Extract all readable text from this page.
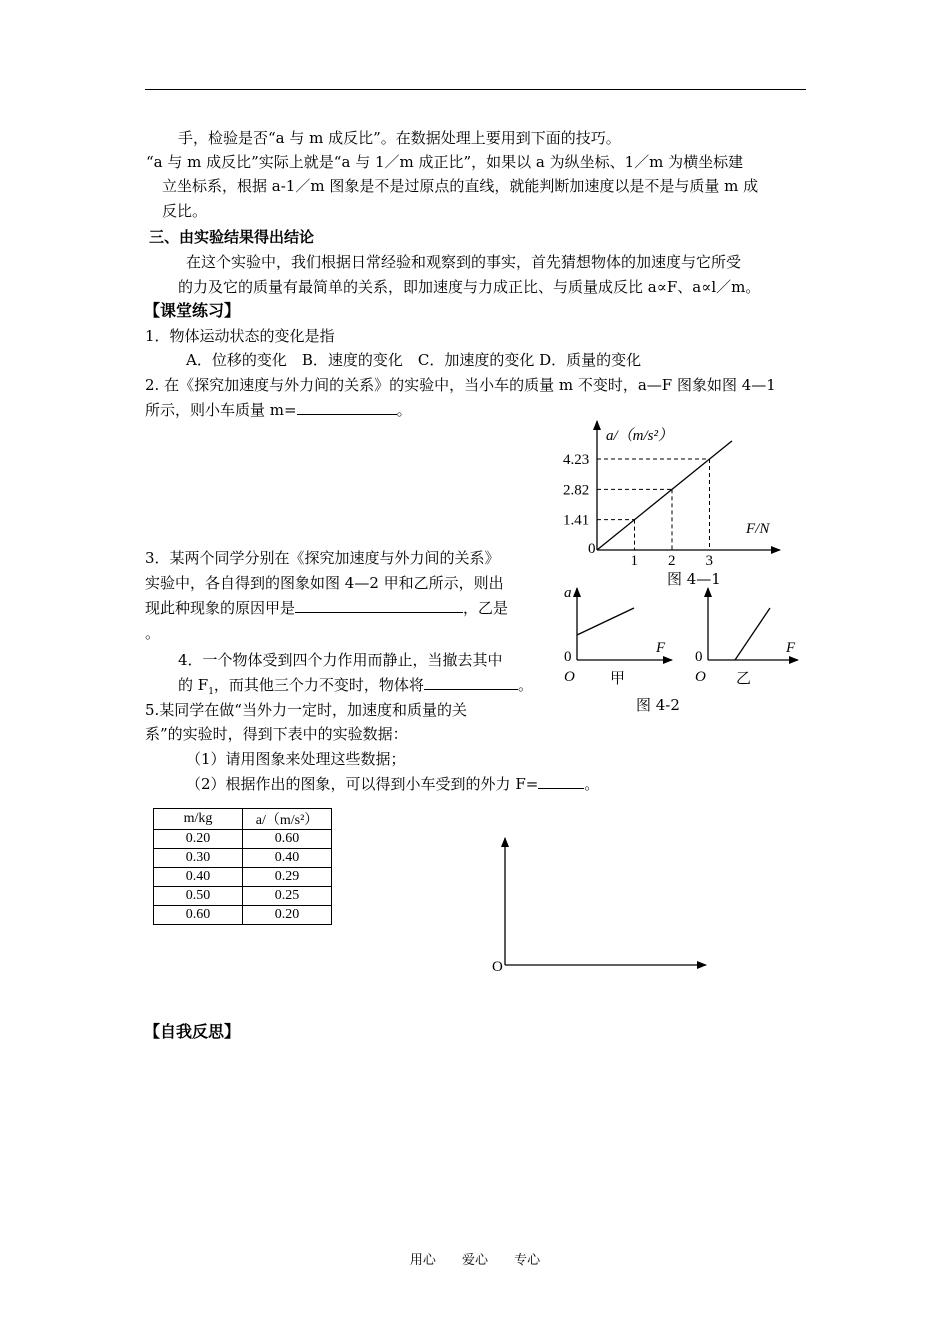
手，检验是否“a 与 m 成反比”。在数据处理上要用到下面的技巧。
“a 与 m 成反比”实际上就是“a 与 1／m 成正比”，如果以 a 为纵坐标、1／m 为横坐标建
立坐标系，根据 a-1／m 图象是不是过原点的直线，就能判断加速度以是不是与质量 m 成
反比。
三、由实验结果得出结论
在这个实验中，我们根据日常经验和观察到的事实，首先猜想物体的加速度与它所受
的力及它的质量有最简单的关系，即加速度与力成正比、与质量成反比 a∝F、a∝l／m。
【课堂练习】
1．物体运动状态的变化是指
A．位移的变化　B．速度的变化　C．加速度的变化 D．质量的变化
2. 在《探究加速度与外力间的关系》的实验中，当小车的质量 m 不变时，a—F 图象如图 4—1
所示，则小车质量 m=	。
3．某两个同学分别在《探究加速度与外力间的关系》
实验中，各自得到的图象如图 4—2 甲和乙所示，则出
现此种现象的原因甲是	，乙是
。
4．一个物体受到四个力作用而静止，当撤去其中
的 $F_1$，而其他三个力不变时，物体将	。
5.某同学在做“当外力一定时，加速度和质量的关
系”的实验时，得到下表中的实验数据：
（1）请用图象来处理这些数据；
（2）根据作出的图象，可以得到小车受到的外力 F=	。
a/（m/s²）
F/N
0
1
1.41
2
2.82
3
4.23
图 4—1
a
F
0
O 甲
F
0
O 乙
图 4-2
m/kg	a/（m/s²）
0.20	0.60
0.30	0.40
0.40	0.29
0.50	0.25
0.60	0.20
O
【自我反思】
用心 爱心 专心
